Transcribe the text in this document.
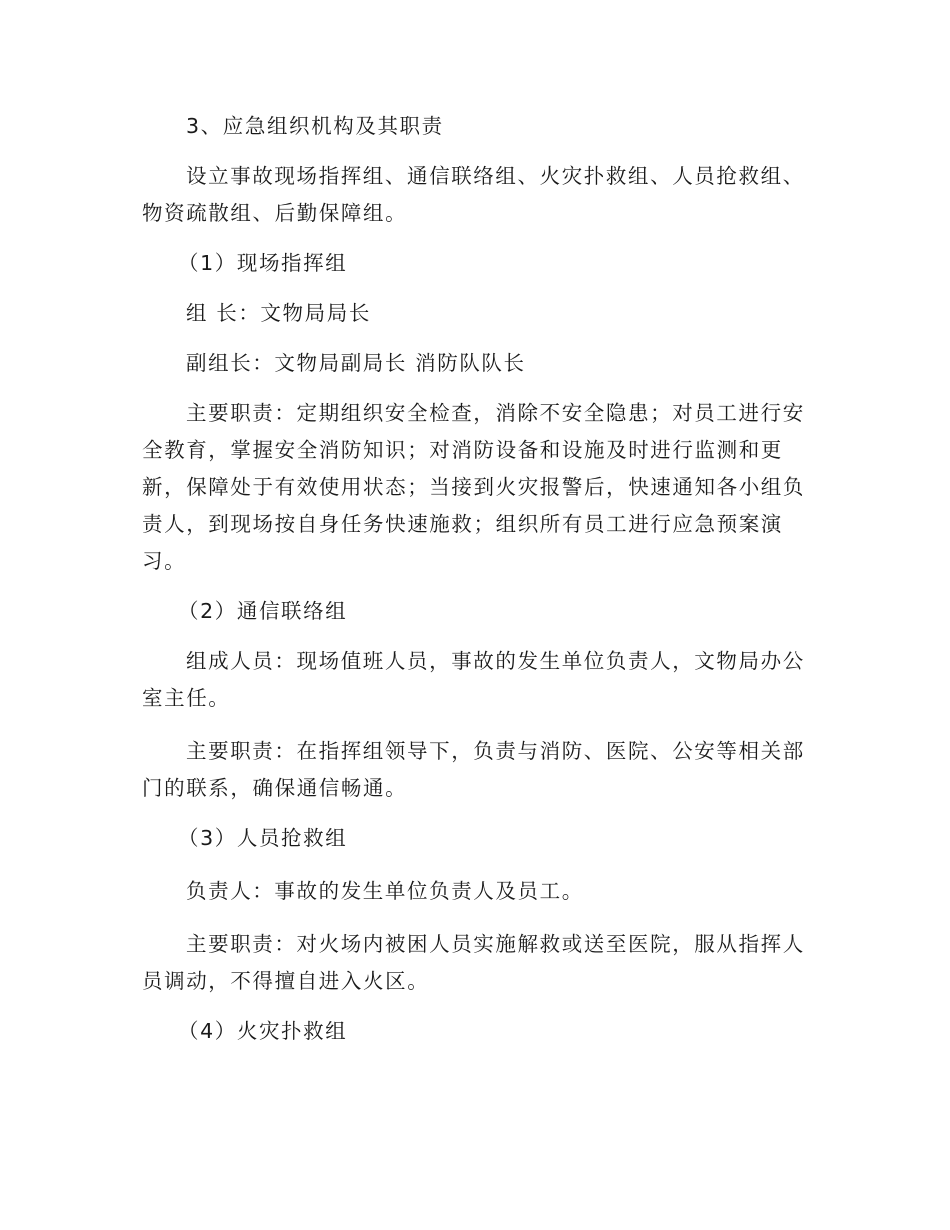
3、应急组织机构及其职责

设立事故现场指挥组、通信联络组、火灾扑救组、人员抢救组、物资疏散组、后勤保障组。

（1）现场指挥组

组 长：文物局局长

副组长：文物局副局长 消防队队长

主要职责：定期组织安全检查，消除不安全隐患；对员工进行安全教育，掌握安全消防知识；对消防设备和设施及时进行监测和更新，保障处于有效使用状态；当接到火灾报警后，快速通知各小组负责人，到现场按自身任务快速施救；组织所有员工进行应急预案演习。

（2）通信联络组

组成人员：现场值班人员，事故的发生单位负责人，文物局办公室主任。

主要职责：在指挥组领导下，负责与消防、医院、公安等相关部门的联系，确保通信畅通。

（3）人员抢救组

负责人：事故的发生单位负责人及员工。

主要职责：对火场内被困人员实施解救或送至医院，服从指挥人员调动，不得擅自进入火区。

（4）火灾扑救组
